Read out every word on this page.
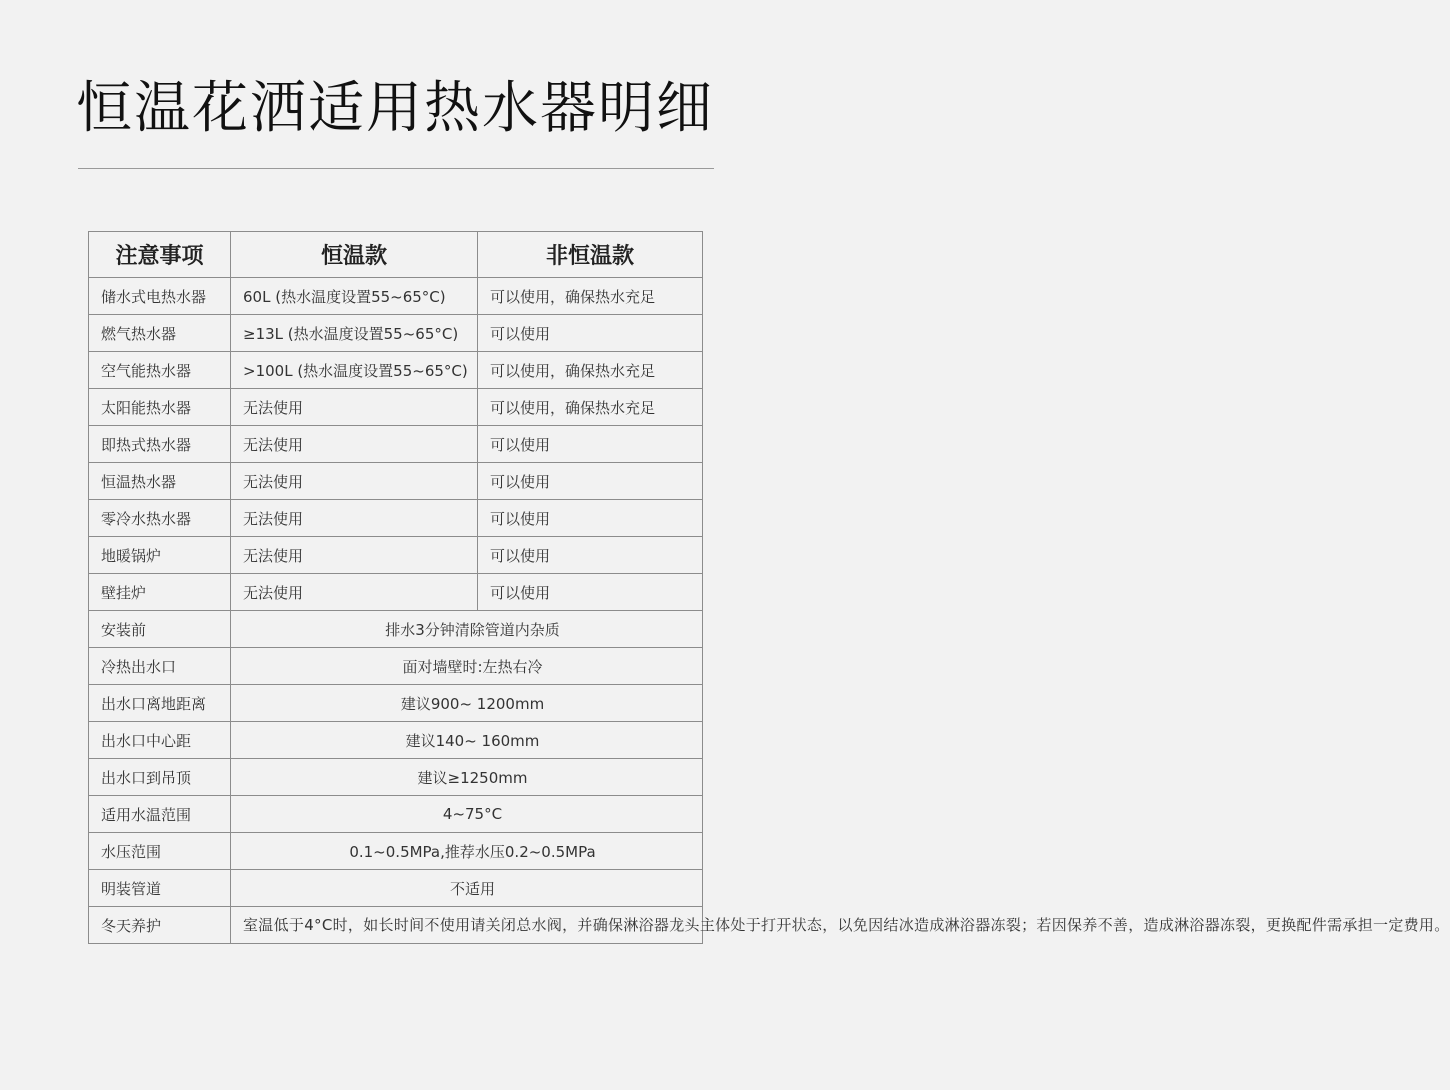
恒温花洒适用热水器明细
注意事项	恒温款	非恒温款
储水式电热水器	60L (热水温度设置55~65°C)	可以使用，确保热水充足
燃气热水器	≥13L (热水温度设置55~65°C)	可以使用
空气能热水器	>100L (热水温度设置55~65°C)	可以使用，确保热水充足
太阳能热水器	无法使用	可以使用，确保热水充足
即热式热水器	无法使用	可以使用
恒温热水器	无法使用	可以使用
零冷水热水器	无法使用	可以使用
地暖锅炉	无法使用	可以使用
壁挂炉	无法使用	可以使用
安装前	排水3分钟清除管道内杂质	
冷热出水口	面对墙壁时:左热右冷	
出水口离地距离	建议900~ 1200mm	
出水口中心距	建议140~ 160mm	
出水口到吊顶	建议≥1250mm	
适用水温范围	4~75°C	
水压范围	0.1~0.5MPa,推荐水压0.2~0.5MPa	
明装管道	不适用	
冬天养护	室温低于4°C时，如长时间不使用请关闭总水阀，并确保淋浴器龙头主体处于打开状态，以免因结冰造成淋浴器冻裂；若因保养不善，造成淋浴器冻裂，更换配件需承担一定费用。	
